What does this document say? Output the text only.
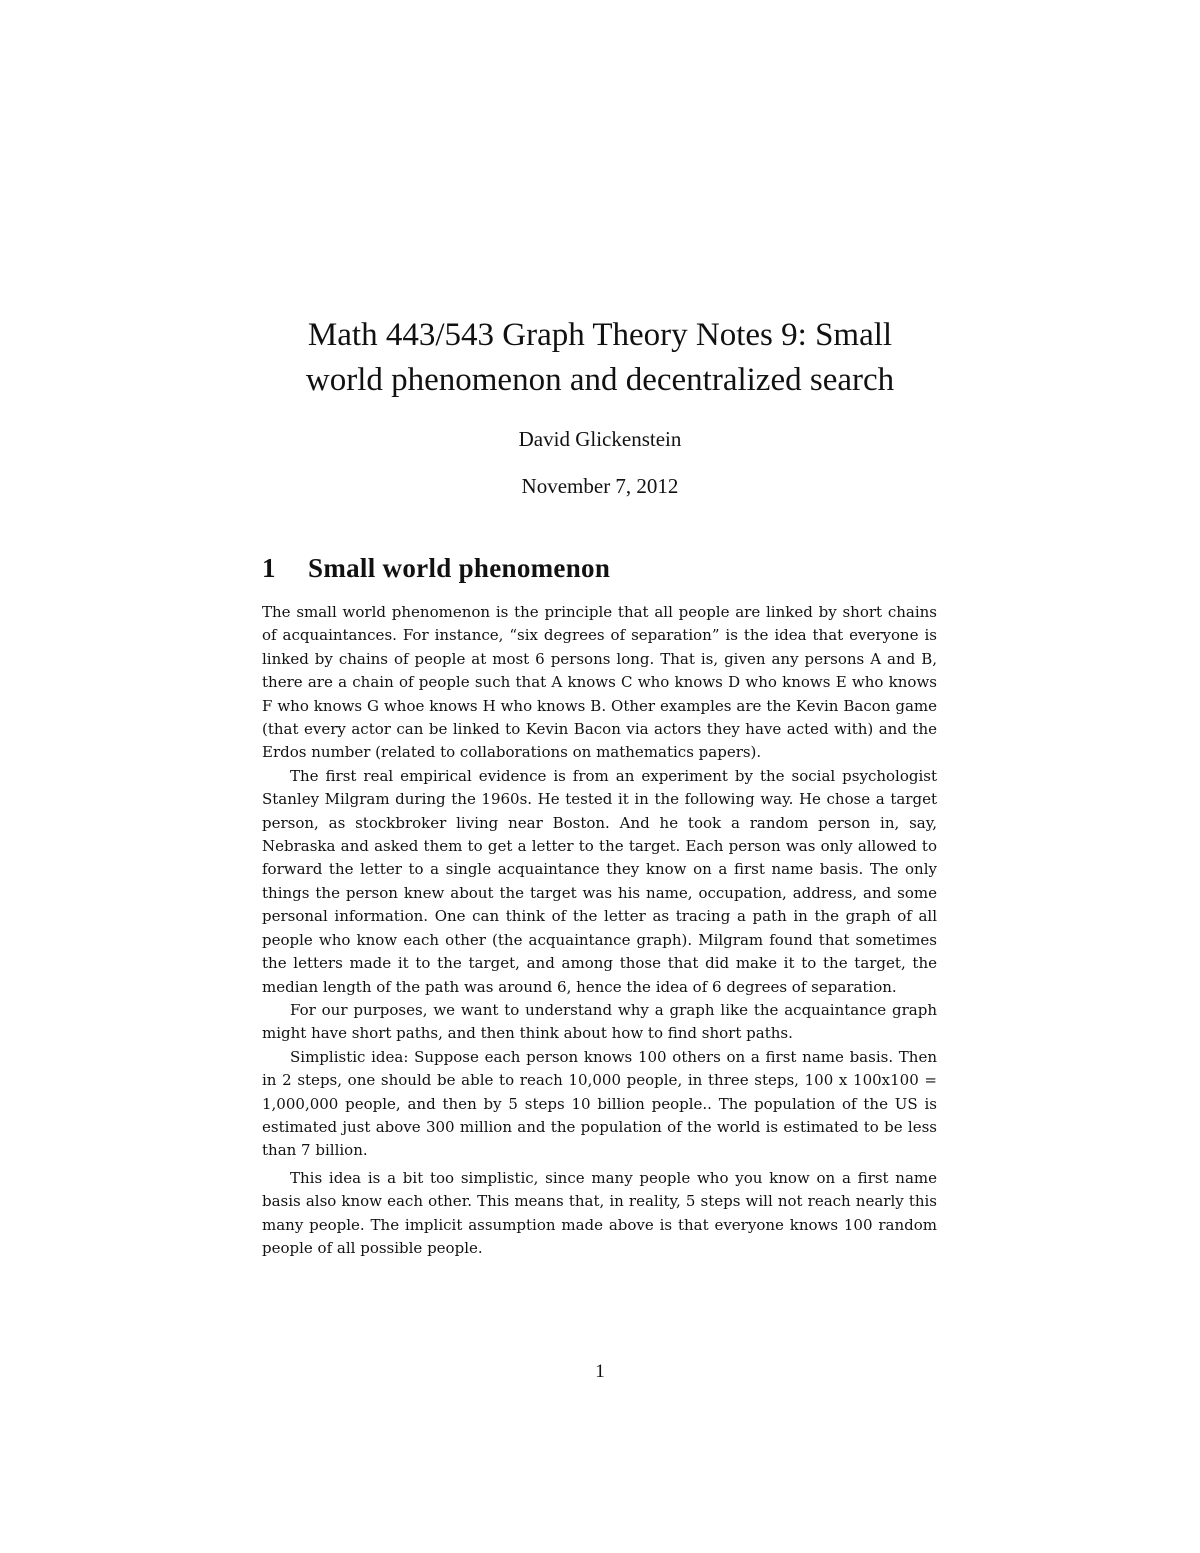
Math 443/543 Graph Theory Notes 9: Small
world phenomenon and decentralized search
David Glickenstein
November 7, 2012
1 Small world phenomenon

The small world phenomenon is the principle that all people are linked by short chains of acquaintances. For instance, “six degrees of separation” is the idea that everyone is linked by chains of people at most 6 persons long. That is, given any persons A and B, there are a chain of people such that A knows C who knows D who knows E who knows F who knows G whoe knows H who knows B. Other examples are the Kevin Bacon game (that every actor can be linked to Kevin Bacon via actors they have acted with) and the Erdos number (related to collaborations on mathematics papers).

The first real empirical evidence is from an experiment by the social psychologist Stanley Milgram during the 1960s. He tested it in the following way. He chose a target person, as stockbroker living near Boston. And he took a random person in, say, Nebraska and asked them to get a letter to the target. Each person was only allowed to forward the letter to a single acquaintance they know on a first name basis. The only things the person knew about the target was his name, occupation, address, and some personal information. One can think of the letter as tracing a path in the graph of all people who know each other (the acquaintance graph). Milgram found that sometimes the letters made it to the target, and among those that did make it to the target, the median length of the path was around 6, hence the idea of 6 degrees of separation.

For our purposes, we want to understand why a graph like the acquaintance graph might have short paths, and then think about how to find short paths.

Simplistic idea: Suppose each person knows 100 others on a first name basis. Then in 2 steps, one should be able to reach 10,000 people, in three steps, 100 x 100x100 = 1,000,000 people, and then by 5 steps 10 billion people.. The population of the US is estimated just above 300 million and the population of the world is estimated to be less than 7 billion.

This idea is a bit too simplistic, since many people who you know on a first name basis also know each other. This means that, in reality, 5 steps will not reach nearly this many people. The implicit assumption made above is that everyone knows 100 random people of all possible people.

1
